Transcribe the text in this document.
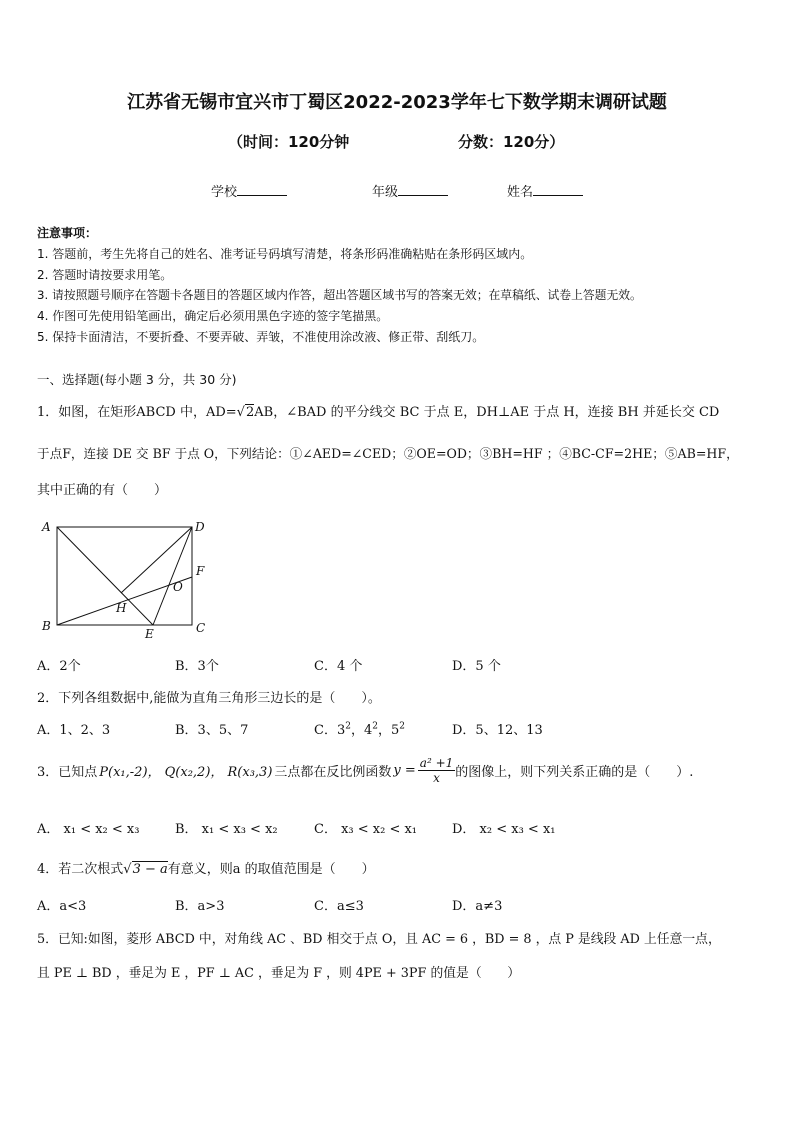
江苏省无锡市宜兴市丁蜀区2022-2023学年七下数学期末调研试题
（时间：120分钟	分数：120分）
学校	年级	姓名
注意事项：
1. 答题前，考生先将自己的姓名、准考证号码填写清楚，将条形码准确粘贴在条形码区域内。
2. 答题时请按要求用笔。
3. 请按照题号顺序在答题卡各题目的答题区域内作答，超出答题区域书写的答案无效；在草稿纸、试卷上答题无效。
4. 作图可先使用铅笔画出，确定后必须用黑色字迹的签字笔描黑。
5. 保持卡面清洁，不要折叠、不要弄破、弄皱，不准使用涂改液、修正带、刮纸刀。
一、选择题(每小题 3 分，共 30 分)
1．如图，在矩形ABCD 中，AD=√2AB，∠BAD 的平分线交 BC 于点 E，DH⊥AE 于点 H，连接 BH 并延长交 CD
于点F，连接 DE 交 BF 于点 O，下列结论：①∠AED=∠CED；②OE=OD；③BH=HF ；④BC-CF=2HE；⑤AB=HF，
其中正确的有（　　）
A	D
F
O
H
B
E	C
A．2个	B．3个	C．4 个	D．5 个
2．下列各组数据中,能做为直角三角形三边长的是（　　）。
A．1、2、3	B．3、5、7	C．$3^2$，$4^2$，$5^2$	D．5、12、13
3．已知点 P(x₁,-2)， Q(x₂,2)， R(x₃,3) 三点都在反比例函数 $y = \frac{\text{a² +1}}{x}$ 的图像上，则下列关系正确的是（　　）.
A． x₁ < x₂ < x₃	B． x₁ < x₃ < x₂	C． x₃ < x₂ < x₁	D． x₂ < x₃ < x₁
4．若二次根式√3 − a有意义，则a 的取值范围是（　　）
A．a<3	B．a>3	C．a≤3	D．a≠3
5．已知:如图，菱形 ABCD 中，对角线 AC 、BD 相交于点 O，且 AC = 6 ，BD = 8 ，点 P 是线段 AD 上任意一点，
且 PE ⊥ BD ，垂足为 E ，PF ⊥ AC ，垂足为 F ，则 4PE + 3PF 的值是（　　）
